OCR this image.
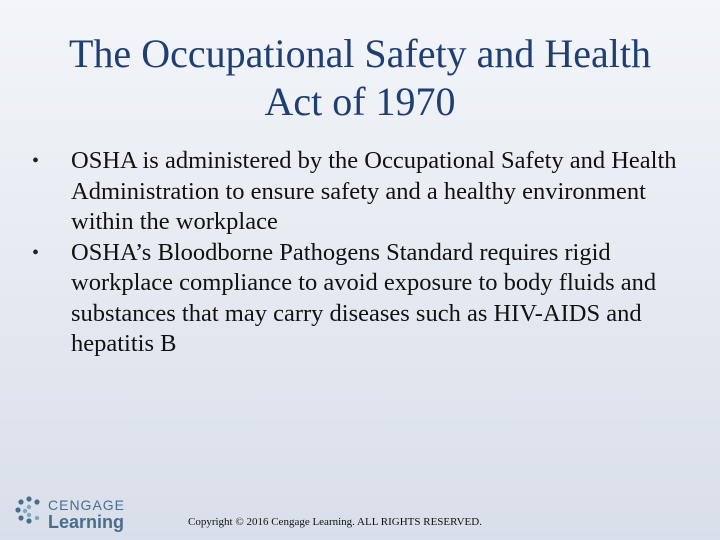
The Occupational Safety and Health
Act of 1970
• OSHA is administered by the Occupational Safety and Health Administration to ensure safety and a healthy environment within the workplace
• OSHA’s Bloodborne Pathogens Standard requires rigid workplace compliance to avoid exposure to body fluids and substances that may carry diseases such as HIV-AIDS and hepatitis B
CENGAGE
Learning	Copyright © 2016 Cengage Learning. ALL RIGHTS RESERVED.
